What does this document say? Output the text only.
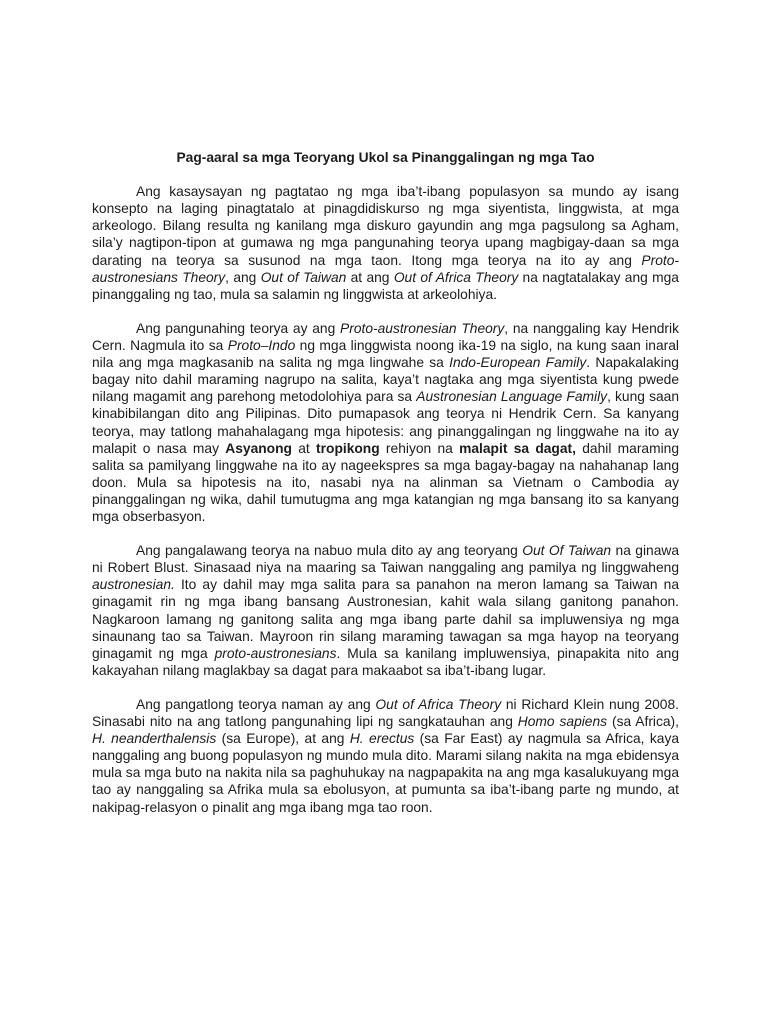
Pag-aaral sa mga Teoryang Ukol sa Pinanggalingan ng mga Tao

Ang kasaysayan ng pagtatao ng mga iba’t-ibang populasyon sa mundo ay isang konsepto na laging pinagtatalo at pinagdidiskurso ng mga siyentista, linggwista, at mga arkeologo. Bilang resulta ng kanilang mga diskuro gayundin ang mga pagsulong sa Agham, sila’y nagtipon-tipon at gumawa ng mga pangunahing teorya upang magbigay-daan sa mga darating na teorya sa susunod na mga taon. Itong mga teorya na ito ay ang Proto-austronesians Theory, ang Out of Taiwan at ang Out of Africa Theory na nagtatalakay ang mga pinanggaling ng tao, mula sa salamin ng linggwista at arkeolohiya.

Ang pangunahing teorya ay ang Proto-austronesian Theory, na nanggaling kay Hendrik Cern. Nagmula ito sa Proto–Indo ng mga linggwista noong ika-19 na siglo, na kung saan inaral nila ang mga magkasanib na salita ng mga lingwahe sa Indo-European Family. Napakalaking bagay nito dahil maraming nagrupo na salita, kaya’t nagtaka ang mga siyentista kung pwede nilang magamit ang parehong metodolohiya para sa Austronesian Language Family, kung saan kinabibilangan dito ang Pilipinas. Dito pumapasok ang teorya ni Hendrik Cern. Sa kanyang teorya, may tatlong mahahalagang mga hipotesis: ang pinanggalingan ng linggwahe na ito ay malapit o nasa may Asyanong at tropikong rehiyon na malapit sa dagat, dahil maraming salita sa pamilyang linggwahe na ito ay nageekspres sa mga bagay-bagay na nahahanap lang doon. Mula sa hipotesis na ito, nasabi nya na alinman sa Vietnam o Cambodia ay pinanggalingan ng wika, dahil tumutugma ang mga katangian ng mga bansang ito sa kanyang mga obserbasyon.

Ang pangalawang teorya na nabuo mula dito ay ang teoryang Out Of Taiwan na ginawa ni Robert Blust. Sinasaad niya na maaring sa Taiwan nanggaling ang pamilya ng linggwaheng austronesian. Ito ay dahil may mga salita para sa panahon na meron lamang sa Taiwan na ginagamit rin ng mga ibang bansang Austronesian, kahit wala silang ganitong panahon. Nagkaroon lamang ng ganitong salita ang mga ibang parte dahil sa impluwensiya ng mga sinaunang tao sa Taiwan. Mayroon rin silang maraming tawagan sa mga hayop na teoryang ginagamit ng mga proto-austronesians. Mula sa kanilang impluwensiya, pinapakita nito ang kakayahan nilang maglakbay sa dagat para makaabot sa iba’t-ibang lugar.

Ang pangatlong teorya naman ay ang Out of Africa Theory ni Richard Klein nung 2008. Sinasabi nito na ang tatlong pangunahing lipi ng sangkatauhan ang Homo sapiens (sa Africa), H. neanderthalensis (sa Europe), at ang H. erectus (sa Far East) ay nagmula sa Africa, kaya nanggaling ang buong populasyon ng mundo mula dito. Marami silang nakita na mga ebidensya mula sa mga buto na nakita nila sa paghuhukay na nagpapakita na ang mga kasalukuyang mga tao ay nanggaling sa Afrika mula sa ebolusyon, at pumunta sa iba’t-ibang parte ng mundo, at nakipag-relasyon o pinalit ang mga ibang mga tao roon.
